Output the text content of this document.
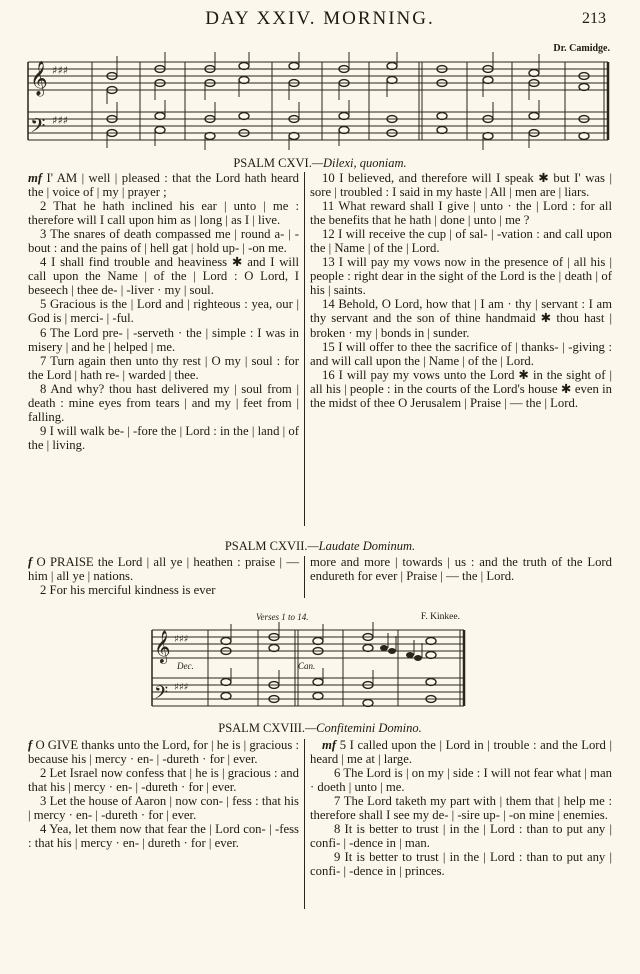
DAY XXIV. MORNING.	213
Dr. Camidge.
𝄞
𝄢
♯♯♯
♯♯♯
PSALM CXVI.—Dilexi, quoniam.

mf I' AM | well | pleased : that the Lord hath heard the | voice of | my | prayer ;

2 That he hath inclined his ear | unto | me : therefore will I call upon him as | long | as I | live.

3 The snares of death compassed me | round a- | -bout : and the pains of | hell gat | hold up- | -on me.

4 I shall find trouble and heaviness ✱ and I will call upon the Name | of the | Lord : O Lord, I beseech | thee de- | -liver · my | soul.

5 Gracious is the | Lord and | righteous : yea, our | God is | merci- | -ful.

6 The Lord pre- | -serveth · the | simple : I was in misery | and he | helped | me.

7 Turn again then unto thy rest | O my | soul : for the Lord | hath re- | warded | thee.

8 And why? thou hast delivered my | soul from | death : mine eyes from tears | and my | feet from | falling.

9 I will walk be- | -fore the | Lord : in the | land | of the | living.

10 I believed, and therefore will I speak ✱ but I' was | sore | troubled : I said in my haste | All | men are | liars.

11 What reward shall I give | unto · the | Lord : for all the benefits that he hath | done | unto | me ?

12 I will receive the cup | of sal- | -vation : and call upon the | Name | of the | Lord.

13 I will pay my vows now in the presence of | all his | people : right dear in the sight of the Lord is the | death | of his | saints.

14 Behold, O Lord, how that | I am · thy | servant : I am thy servant and the son of thine handmaid ✱ thou hast | broken · my | bonds in | sunder.

15 I will offer to thee the sacrifice of | thanks- | -giving : and will call upon the | Name | of the | Lord.

16 I will pay my vows unto the Lord ✱ in the sight of | all his | people : in the courts of the Lord's house ✱ even in the midst of thee O Jerusalem | Praise | — the | Lord.

PSALM CXVII.—Laudate Dominum.

f O PRAISE the Lord | all ye | heathen : praise | — him | all ye | nations.

2 For his merciful kindness is ever

more and more | towards | us : and the truth of the Lord endureth for ever | Praise | — the | Lord.

Verses 1 to 14.	F. Kinkee.
Dec.	Can.
𝄞
𝄢
♯♯♯
♯♯♯
PSALM CXVIII.—Confitemini Domino.

f O GIVE thanks unto the Lord, for | he is | gracious : because his | mercy · en- | -dureth · for | ever.

2 Let Israel now confess that | he is | gracious : and that his | mercy · en- | -dureth · for | ever.

3 Let the house of Aaron | now con- | fess : that his | mercy · en- | -dureth · for | ever.

4 Yea, let them now that fear the | Lord con- | -fess : that his | mercy · en- | dureth · for | ever.

mf 5 I called upon the | Lord in | trouble : and the Lord | heard | me at | large.

6 The Lord is | on my | side : I will not fear what | man · doeth | unto | me.

7 The Lord taketh my part with | them that | help me : therefore shall I see my de- | -sire up- | -on mine | enemies.

8 It is better to trust | in the | Lord : than to put any | confi- | -dence in | man.

9 It is better to trust | in the | Lord : than to put any | confi- | -dence in | princes.
